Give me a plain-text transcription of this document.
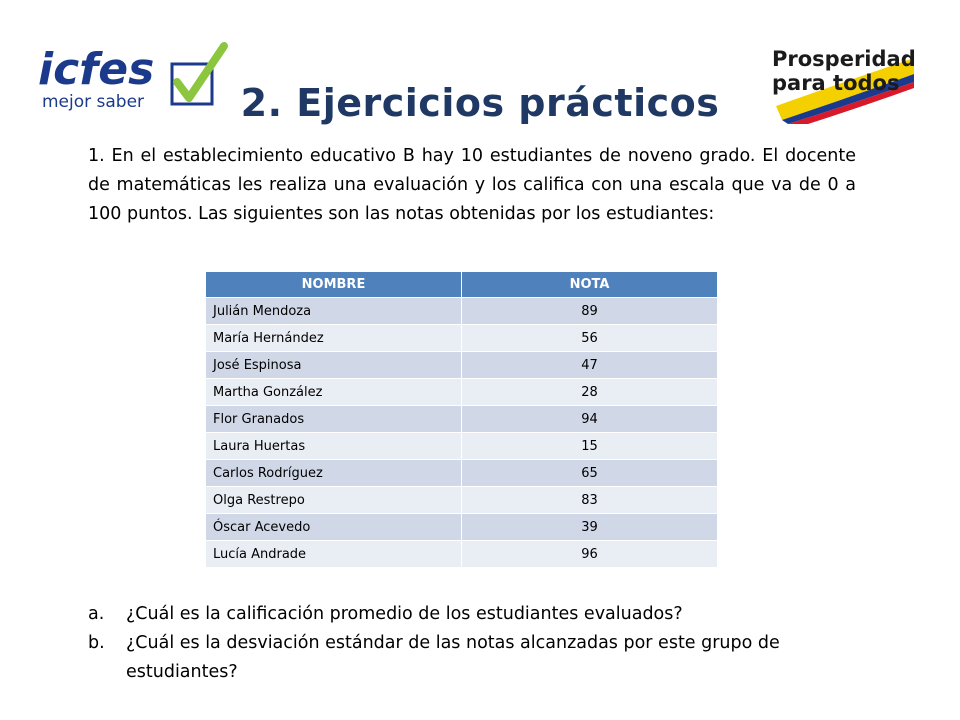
icfes
mejor saber	2. Ejercicios prácticos
Prosperidad
para todos

1. En el establecimiento educativo B hay 10 estudiantes de noveno grado. El docente de matemáticas les realiza una evaluación y los califica con una escala que va de 0 a 100 puntos. Las siguientes son las notas obtenidas por los estudiantes:

NOMBRE	NOTA
Julián Mendoza	89
María Hernández	56
José Espinosa	47
Martha González	28
Flor Granados	94
Laura Huertas	15
Carlos Rodríguez	65
Olga Restrepo	83
Óscar Acevedo	39
Lucía Andrade	96
a.	¿Cuál es la calificación promedio de los estudiantes evaluados?
b.	¿Cuál es la desviación estándar de las notas alcanzadas por este grupo de estudiantes?
